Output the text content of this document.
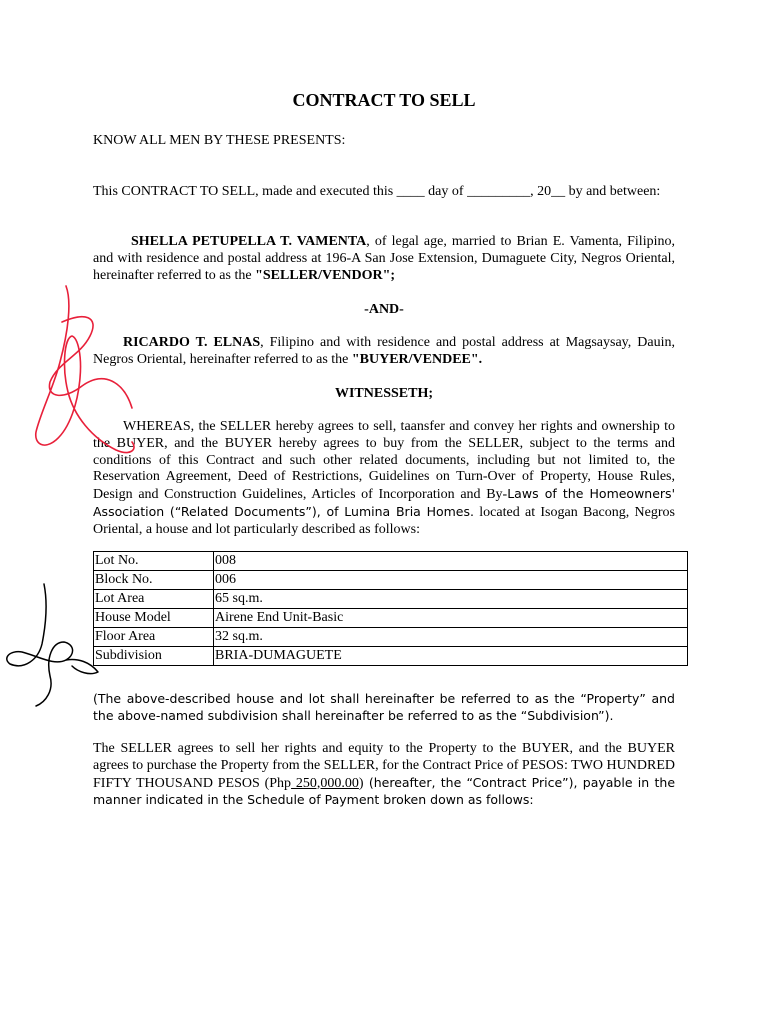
CONTRACT TO SELL
KNOW ALL MEN BY THESE PRESENTS:
This CONTRACT TO SELL, made and executed this ____ day of _________, 20__ by and between:
SHELLA PETUPELLA T. VAMENTA, of legal age, married to Brian E. Vamenta, Filipino, and with residence and postal address at 196-A San Jose Extension, Dumaguete City, Negros Oriental, hereinafter referred to as the "SELLER/VENDOR";
-AND-
RICARDO T. ELNAS, Filipino and with residence and postal address at Magsaysay, Dauin, Negros Oriental, hereinafter referred to as the "BUYER/VENDEE".
WITNESSETH;
WHEREAS, the SELLER hereby agrees to sell, taansfer and convey her rights and ownership to the BUYER, and the BUYER hereby agrees to buy from the SELLER, subject to the terms and conditions of this Contract and such other related documents, including but not limited to, the Reservation Agreement, Deed of Restrictions, Guidelines on Turn-Over of Property, House Rules, Design and Construction Guidelines, Articles of Incorporation and By-Laws of the Homeowners' Association (“Related Documents”), of Lumina Bria Homes. located at Isogan Bacong, Negros Oriental, a house and lot particularly described as follows:
Lot No.	008
Block No.	006
Lot Area	65 sq.m.
House Model	Airene End Unit-Basic
Floor Area	32 sq.m.
Subdivision	BRIA-DUMAGUETE
(The above-described house and lot shall hereinafter be referred to as the “Property” and the above-named subdivision shall hereinafter be referred to as the “Subdivision”).
The SELLER agrees to sell her rights and equity to the Property to the BUYER, and the BUYER agrees to purchase the Property from the SELLER, for the Contract Price of PESOS: TWO HUNDRED FIFTY THOUSAND PESOS (Php 250,000.00) (hereafter, the “Contract Price”), payable in the manner indicated in the Schedule of Payment broken down as follows:
